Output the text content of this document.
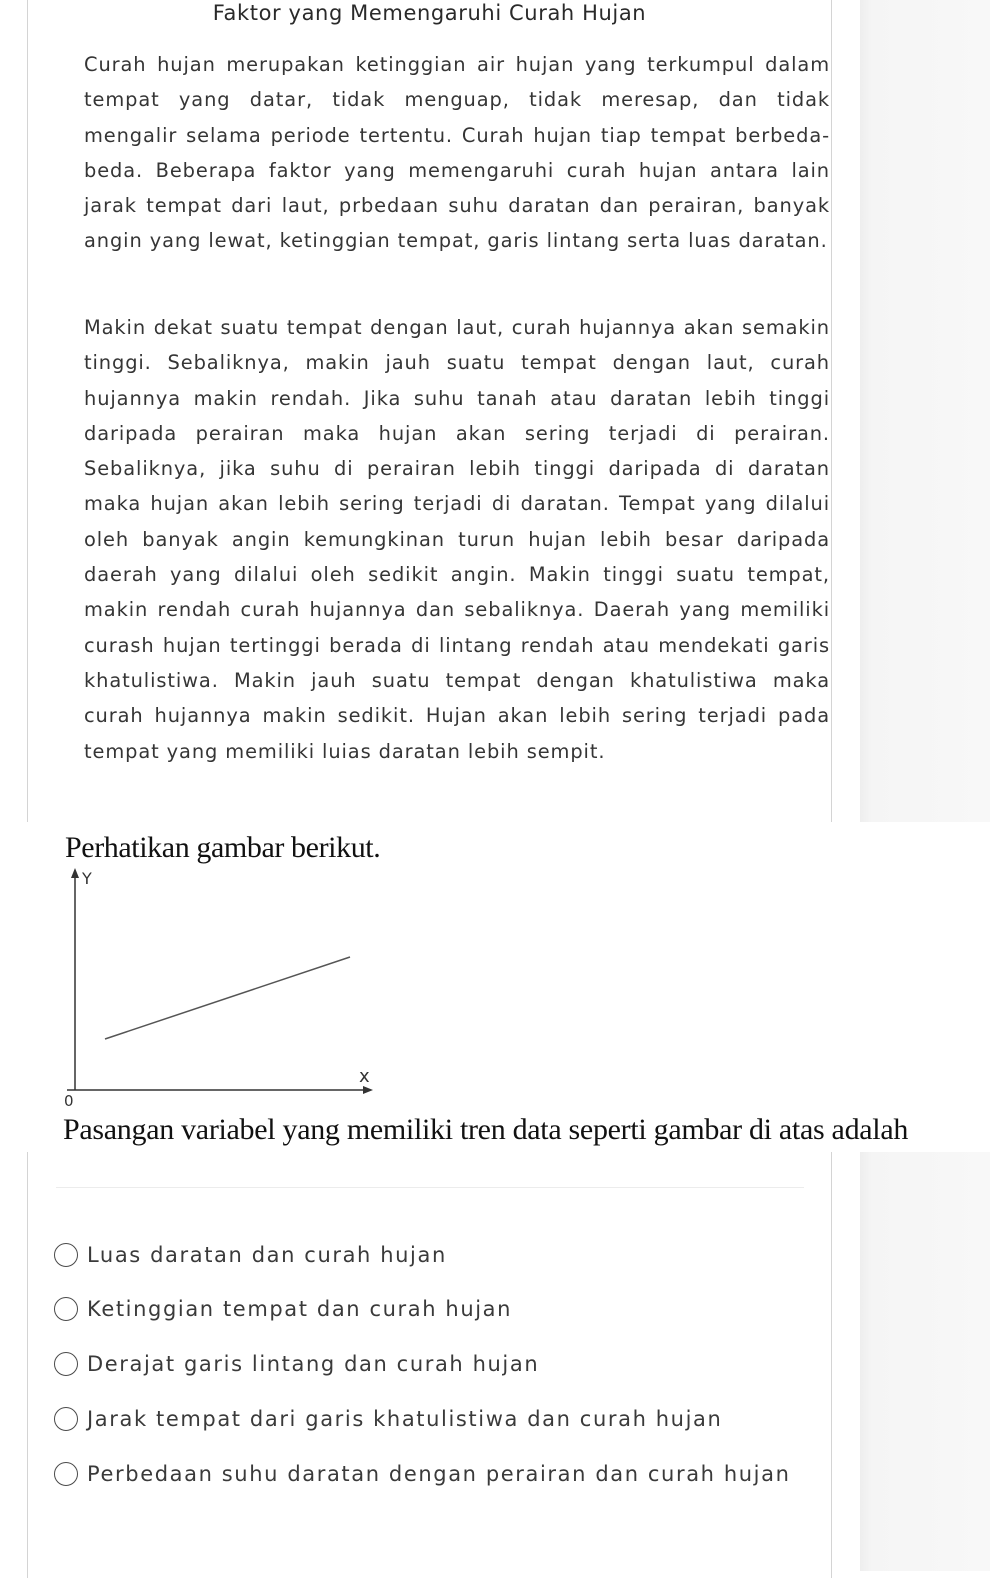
Faktor yang Memengaruhi Curah Hujan

Curah hujan merupakan ketinggian air hujan yang terkumpul dalam tempat yang datar, tidak menguap, tidak meresap, dan tidak mengalir selama periode tertentu. Curah hujan tiap tempat berbeda-beda. Beberapa faktor yang memengaruhi curah hujan antara lain jarak tempat dari laut, prbedaan suhu daratan dan perairan, banyak angin yang lewat, ketinggian tempat, garis lintang serta luas daratan.

Makin dekat suatu tempat dengan laut, curah hujannya akan semakin tinggi. Sebaliknya, makin jauh suatu tempat dengan laut, curah hujannya makin rendah. Jika suhu tanah atau daratan lebih tinggi daripada perairan maka hujan akan sering terjadi di perairan. Sebaliknya, jika suhu di perairan lebih tinggi daripada di daratan maka hujan akan lebih sering terjadi di daratan. Tempat yang dilalui oleh banyak angin kemungkinan turun hujan lebih besar daripada daerah yang dilalui oleh sedikit angin. Makin tinggi suatu tempat, makin rendah curah hujannya dan sebaliknya. Daerah yang memiliki curash hujan tertinggi berada di lintang rendah atau mendekati garis khatulistiwa. Makin jauh suatu tempat dengan khatulistiwa maka curah hujannya makin sedikit. Hujan akan lebih sering terjadi pada tempat yang memiliki luias daratan lebih sempit.

Perhatikan gambar berikut.
Y
x
0
Pasangan variabel yang memiliki tren data seperti gambar di atas adalah
Luas daratan dan curah hujan
Ketinggian tempat dan curah hujan
Derajat garis lintang dan curah hujan
Jarak tempat dari garis khatulistiwa dan curah hujan
Perbedaan suhu daratan dengan perairan dan curah hujan
